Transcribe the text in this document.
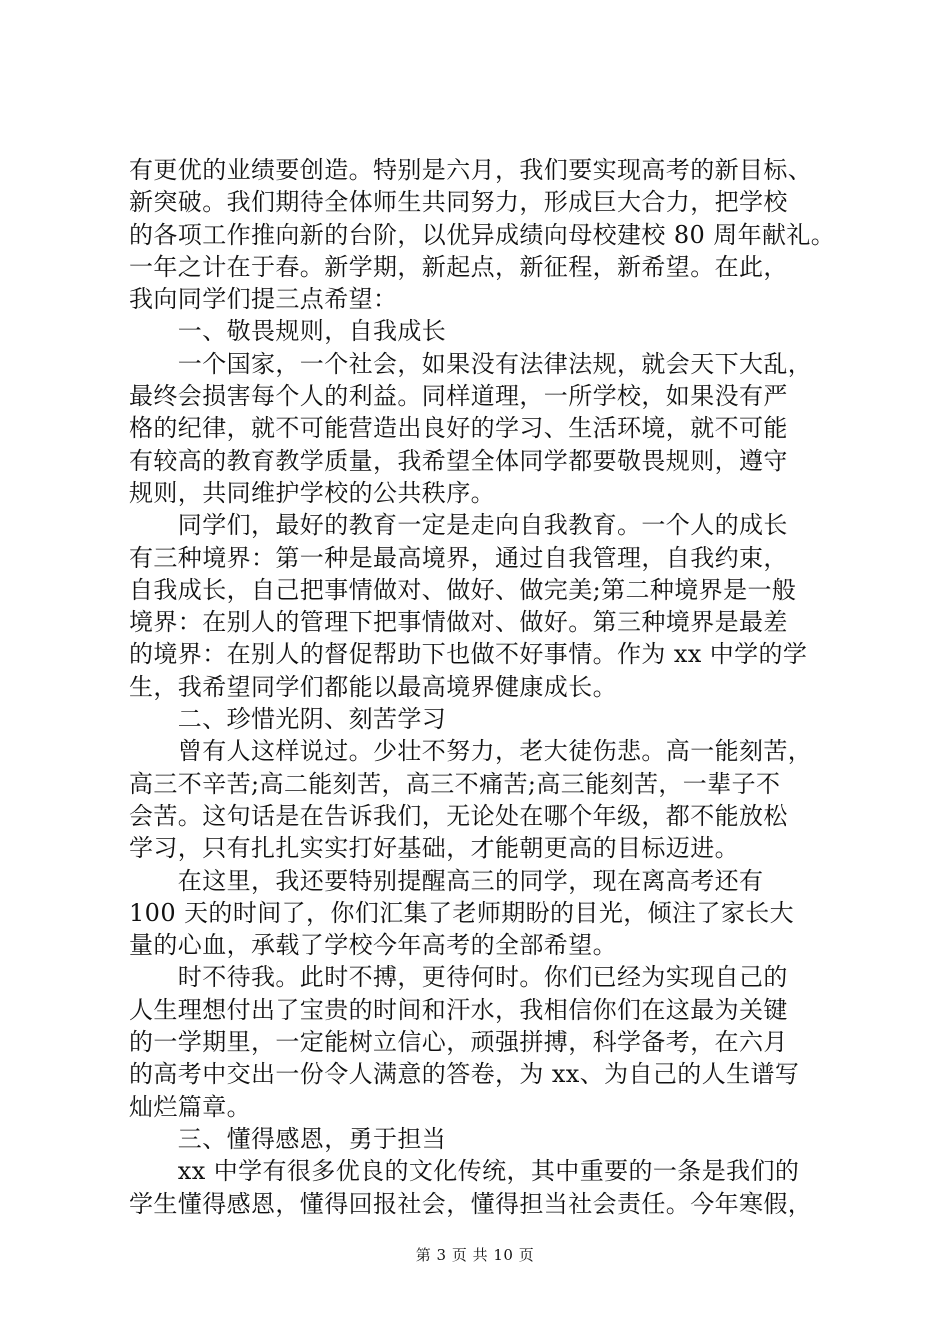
有更优的业绩要创造。特别是六月，我们要实现高考的新目标、
新突破。我们期待全体师生共同努力，形成巨大合力，把学校
的各项工作推向新的台阶，以优异成绩向母校建校 80 周年献礼。
一年之计在于春。新学期，新起点，新征程，新希望。在此，
我向同学们提三点希望：
　　一、敬畏规则，自我成长
　　一个国家，一个社会，如果没有法律法规，就会天下大乱，
最终会损害每个人的利益。同样道理，一所学校，如果没有严
格的纪律，就不可能营造出良好的学习、生活环境，就不可能
有较高的教育教学质量，我希望全体同学都要敬畏规则，遵守
规则，共同维护学校的公共秩序。
　　同学们，最好的教育一定是走向自我教育。一个人的成长
有三种境界：第一种是最高境界，通过自我管理，自我约束，
自我成长，自己把事情做对、做好、做完美;第二种境界是一般
境界：在别人的管理下把事情做对、做好。第三种境界是最差
的境界：在别人的督促帮助下也做不好事情。作为 xx 中学的学
生，我希望同学们都能以最高境界健康成长。
　　二、珍惜光阴、刻苦学习
　　曾有人这样说过。少壮不努力，老大徒伤悲。高一能刻苦，
高三不辛苦;高二能刻苦，高三不痛苦;高三能刻苦，一辈子不
会苦。这句话是在告诉我们，无论处在哪个年级，都不能放松
学习，只有扎扎实实打好基础，才能朝更高的目标迈进。
　　在这里，我还要特别提醒高三的同学，现在离高考还有
100 天的时间了，你们汇集了老师期盼的目光，倾注了家长大
量的心血，承载了学校今年高考的全部希望。
　　时不待我。此时不搏，更待何时。你们已经为实现自己的
人生理想付出了宝贵的时间和汗水，我相信你们在这最为关键
的一学期里，一定能树立信心，顽强拼搏，科学备考，在六月
的高考中交出一份令人满意的答卷，为 xx、为自己的人生谱写
灿烂篇章。
　　三、懂得感恩，勇于担当
　　xx 中学有很多优良的文化传统，其中重要的一条是我们的
学生懂得感恩，懂得回报社会，懂得担当社会责任。今年寒假，
第 3 页 共 10 页
